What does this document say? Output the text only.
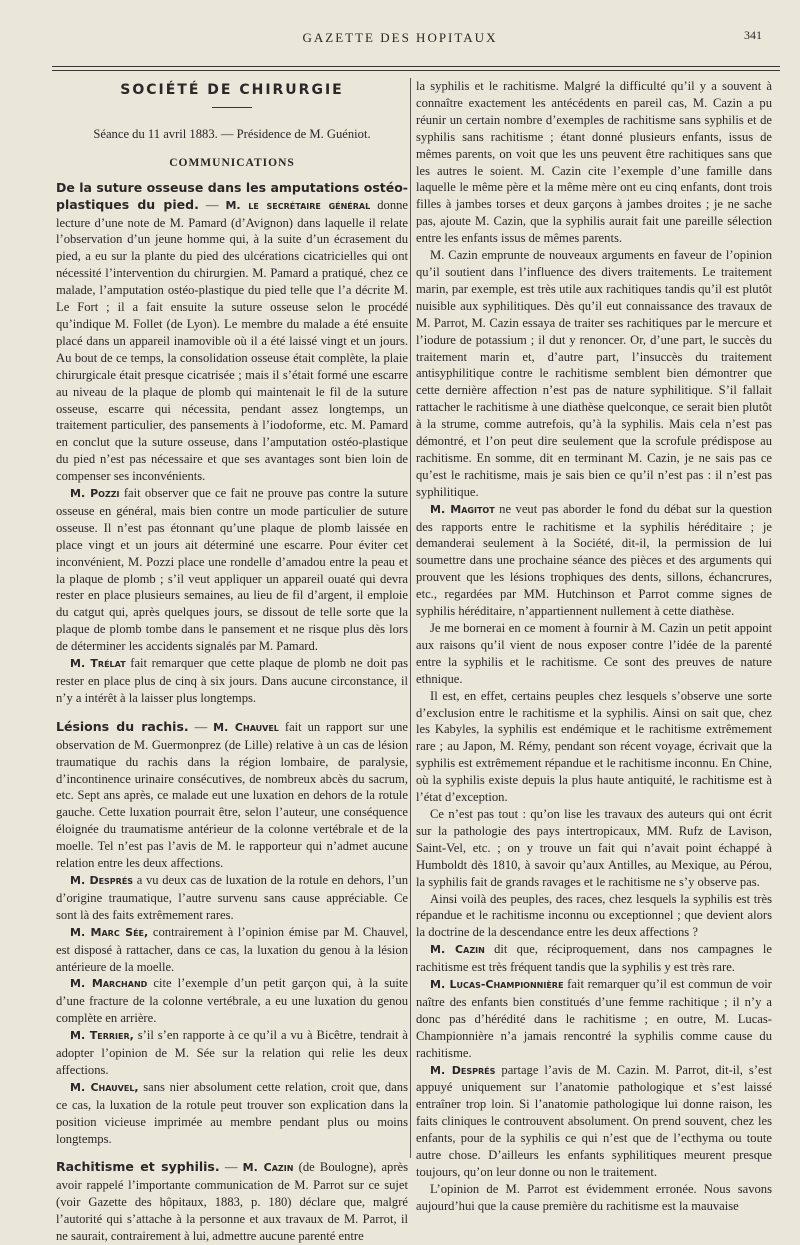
GAZETTE DES HOPITAUX	341
SOCIÉTÉ DE CHIRURGIE
Séance du 11 avril 1883. — Présidence de M. Guéniot.
COMMUNICATIONS

De la suture osseuse dans les amputations ostéo-plastiques du pied. — M. le secrétaire général donne lecture d’une note de M. Pamard (d’Avignon) dans laquelle il relate l’observation d’un jeune homme qui, à la suite d’un écrasement du pied, a eu sur la plante du pied des ulcérations cicatricielles qui ont nécessité l’intervention du chirurgien. M. Pamard a pratiqué, chez ce malade, l’amputation ostéo-plastique du pied telle que l’a décrite M. Le Fort ; il a fait ensuite la suture osseuse selon le procédé qu’indique M. Follet (de Lyon). Le membre du malade a été ensuite placé dans un appareil inamovible où il a été laissé vingt et un jours. Au bout de ce temps, la consolidation osseuse était complète, la plaie chirurgicale était presque cicatrisée ; mais il s’était formé une escarre au niveau de la plaque de plomb qui maintenait le fil de la suture osseuse, escarre qui nécessita, pendant assez longtemps, un traitement particulier, des pansements à l’iodoforme, etc. M. Pamard en conclut que la suture osseuse, dans l’amputation ostéo-plastique du pied n’est pas nécessaire et que ses avantages sont bien loin de compenser ses inconvénients.

M. Pozzi fait observer que ce fait ne prouve pas contre la suture osseuse en général, mais bien contre un mode particulier de suture osseuse. Il n’est pas étonnant qu’une plaque de plomb laissée en place vingt et un jours ait déterminé une escarre. Pour éviter cet inconvénient, M. Pozzi place une rondelle d’amadou entre la peau et la plaque de plomb ; s’il veut appliquer un appareil ouaté qui devra rester en place plusieurs semaines, au lieu de fil d’argent, il emploie du catgut qui, après quelques jours, se dissout de telle sorte que la plaque de plomb tombe dans le pansement et ne risque plus dès lors de déterminer les accidents signalés par M. Pamard.

M. Trélat fait remarquer que cette plaque de plomb ne doit pas rester en place plus de cinq à six jours. Dans aucune circonstance, il n’y a intérêt à la laisser plus longtemps.

Lésions du rachis. — M. Chauvel fait un rapport sur une observation de M. Guermonprez (de Lille) relative à un cas de lésion traumatique du rachis dans la région lombaire, de paralysie, d’incontinence urinaire consécutives, de nombreux abcès du sacrum, etc. Sept ans après, ce malade eut une luxation en dehors de la rotule gauche. Cette luxation pourrait être, selon l’auteur, une conséquence éloignée du traumatisme antérieur de la colonne vertébrale et de la moelle. Tel n’est pas l’avis de M. le rapporteur qui n’admet aucune relation entre les deux affections.

M. Després a vu deux cas de luxation de la rotule en dehors, l’un d’origine traumatique, l’autre survenu sans cause appréciable. Ce sont là des faits extrêmement rares.

M. Marc Sée, contrairement à l’opinion émise par M. Chauvel, est disposé à rattacher, dans ce cas, la luxation du genou à la lésion antérieure de la moelle.

M. Marchand cite l’exemple d’un petit garçon qui, à la suite d’une fracture de la colonne vertébrale, a eu une luxation du genou complète en arrière.

M. Terrier, s’il s’en rapporte à ce qu’il a vu à Bicêtre, tendrait à adopter l’opinion de M. Sée sur la relation qui relie les deux affections.

M. Chauvel, sans nier absolument cette relation, croit que, dans ce cas, la luxation de la rotule peut trouver son explication dans la position vicieuse imprimée au membre pendant plus ou moins longtemps.

Rachitisme et syphilis. — M. Cazin (de Boulogne), après avoir rappelé l’importante communication de M. Parrot sur ce sujet (voir Gazette des hôpitaux, 1883, p. 180) déclare que, malgré l’autorité qui s’attache à la personne et aux travaux de M. Parrot, il ne saurait, contrairement à lui, admettre aucune parenté entre

la syphilis et le rachitisme. Malgré la difficulté qu’il y a souvent à connaître exactement les antécédents en pareil cas, M. Cazin a pu réunir un certain nombre d’exemples de rachitisme sans syphilis et de syphilis sans rachitisme ; étant donné plusieurs enfants, issus de mêmes parents, on voit que les uns peuvent être rachitiques sans que les autres le soient. M. Cazin cite l’exemple d’une famille dans laquelle le même père et la même mère ont eu cinq enfants, dont trois filles à jambes torses et deux garçons à jambes droites ; je ne sache pas, ajoute M. Cazin, que la syphilis aurait fait une pareille sélection entre les enfants issus de mêmes parents.

M. Cazin emprunte de nouveaux arguments en faveur de l’opinion qu’il soutient dans l’influence des divers traitements. Le traitement marin, par exemple, est très utile aux rachitiques tandis qu’il est plutôt nuisible aux syphilitiques. Dès qu’il eut connaissance des travaux de M. Parrot, M. Cazin essaya de traiter ses rachitiques par le mercure et l’iodure de potassium ; il dut y renoncer. Or, d’une part, le succès du traitement marin et, d’autre part, l’insuccès du traitement antisyphilitique contre le rachitisme semblent bien démontrer que cette dernière affection n’est pas de nature syphilitique. S’il fallait rattacher le rachitisme à une diathèse quelconque, ce serait bien plutôt à la strume, comme autrefois, qu’à la syphilis. Mais cela n’est pas démontré, et l’on peut dire seulement que la scrofule prédispose au rachitisme. En somme, dit en terminant M. Cazin, je ne sais pas ce qu’est le rachitisme, mais je sais bien ce qu’il n’est pas : il n’est pas syphilitique.

M. Magitot ne veut pas aborder le fond du débat sur la question des rapports entre le rachitisme et la syphilis héréditaire ; je demanderai seulement à la Société, dit-il, la permission de lui soumettre dans une prochaine séance des pièces et des arguments qui prouvent que les lésions trophiques des dents, sillons, échancrures, etc., regardées par MM. Hutchinson et Parrot comme signes de syphilis héréditaire, n’appartiennent nullement à cette diathèse.

Je me bornerai en ce moment à fournir à M. Cazin un petit appoint aux raisons qu’il vient de nous exposer contre l’idée de la parenté entre la syphilis et le rachitisme. Ce sont des preuves de nature ethnique.

Il est, en effet, certains peuples chez lesquels s’observe une sorte d’exclusion entre le rachitisme et la syphilis. Ainsi on sait que, chez les Kabyles, la syphilis est endémique et le rachitisme extrêmement rare ; au Japon, M. Rémy, pendant son récent voyage, écrivait que la syphilis est extrêmement répandue et le rachitisme inconnu. En Chine, où la syphilis existe depuis la plus haute antiquité, le rachitisme est à l’état d’exception.

Ce n’est pas tout : qu’on lise les travaux des auteurs qui ont écrit sur la pathologie des pays intertropicaux, MM. Rufz de Lavison, Saint-Vel, etc. ; on y trouve un fait qui n’avait point échappé à Humboldt dès 1810, à savoir qu’aux Antilles, au Mexique, au Pérou, la syphilis fait de grands ravages et le rachitisme ne s’y observe pas.

Ainsi voilà des peuples, des races, chez lesquels la syphilis est très répandue et le rachitisme inconnu ou exceptionnel ; que devient alors la doctrine de la descendance entre les deux affections ?

M. Cazin dit que, réciproquement, dans nos campagnes le rachitisme est très fréquent tandis que la syphilis y est très rare.

M. Lucas-Championnière fait remarquer qu’il est commun de voir naître des enfants bien constitués d’une femme rachitique ; il n’y a donc pas d’hérédité dans le rachitisme ; en outre, M. Lucas-Championnière n’a jamais rencontré la syphilis comme cause du rachitisme.

M. Després partage l’avis de M. Cazin. M. Parrot, dit-il, s’est appuyé uniquement sur l’anatomie pathologique et s’est laissé entraîner trop loin. Si l’anatomie pathologique lui donne raison, les faits cliniques le controuvent absolument. On prend souvent, chez les enfants, pour de la syphilis ce qui n’est que de l’ecthyma ou toute autre chose. D’ailleurs les enfants syphilitiques meurent presque toujours, qu’on leur donne ou non le traitement.

L’opinion de M. Parrot est évidemment erronée. Nous savons aujourd’hui que la cause première du rachitisme est la mauvaise
